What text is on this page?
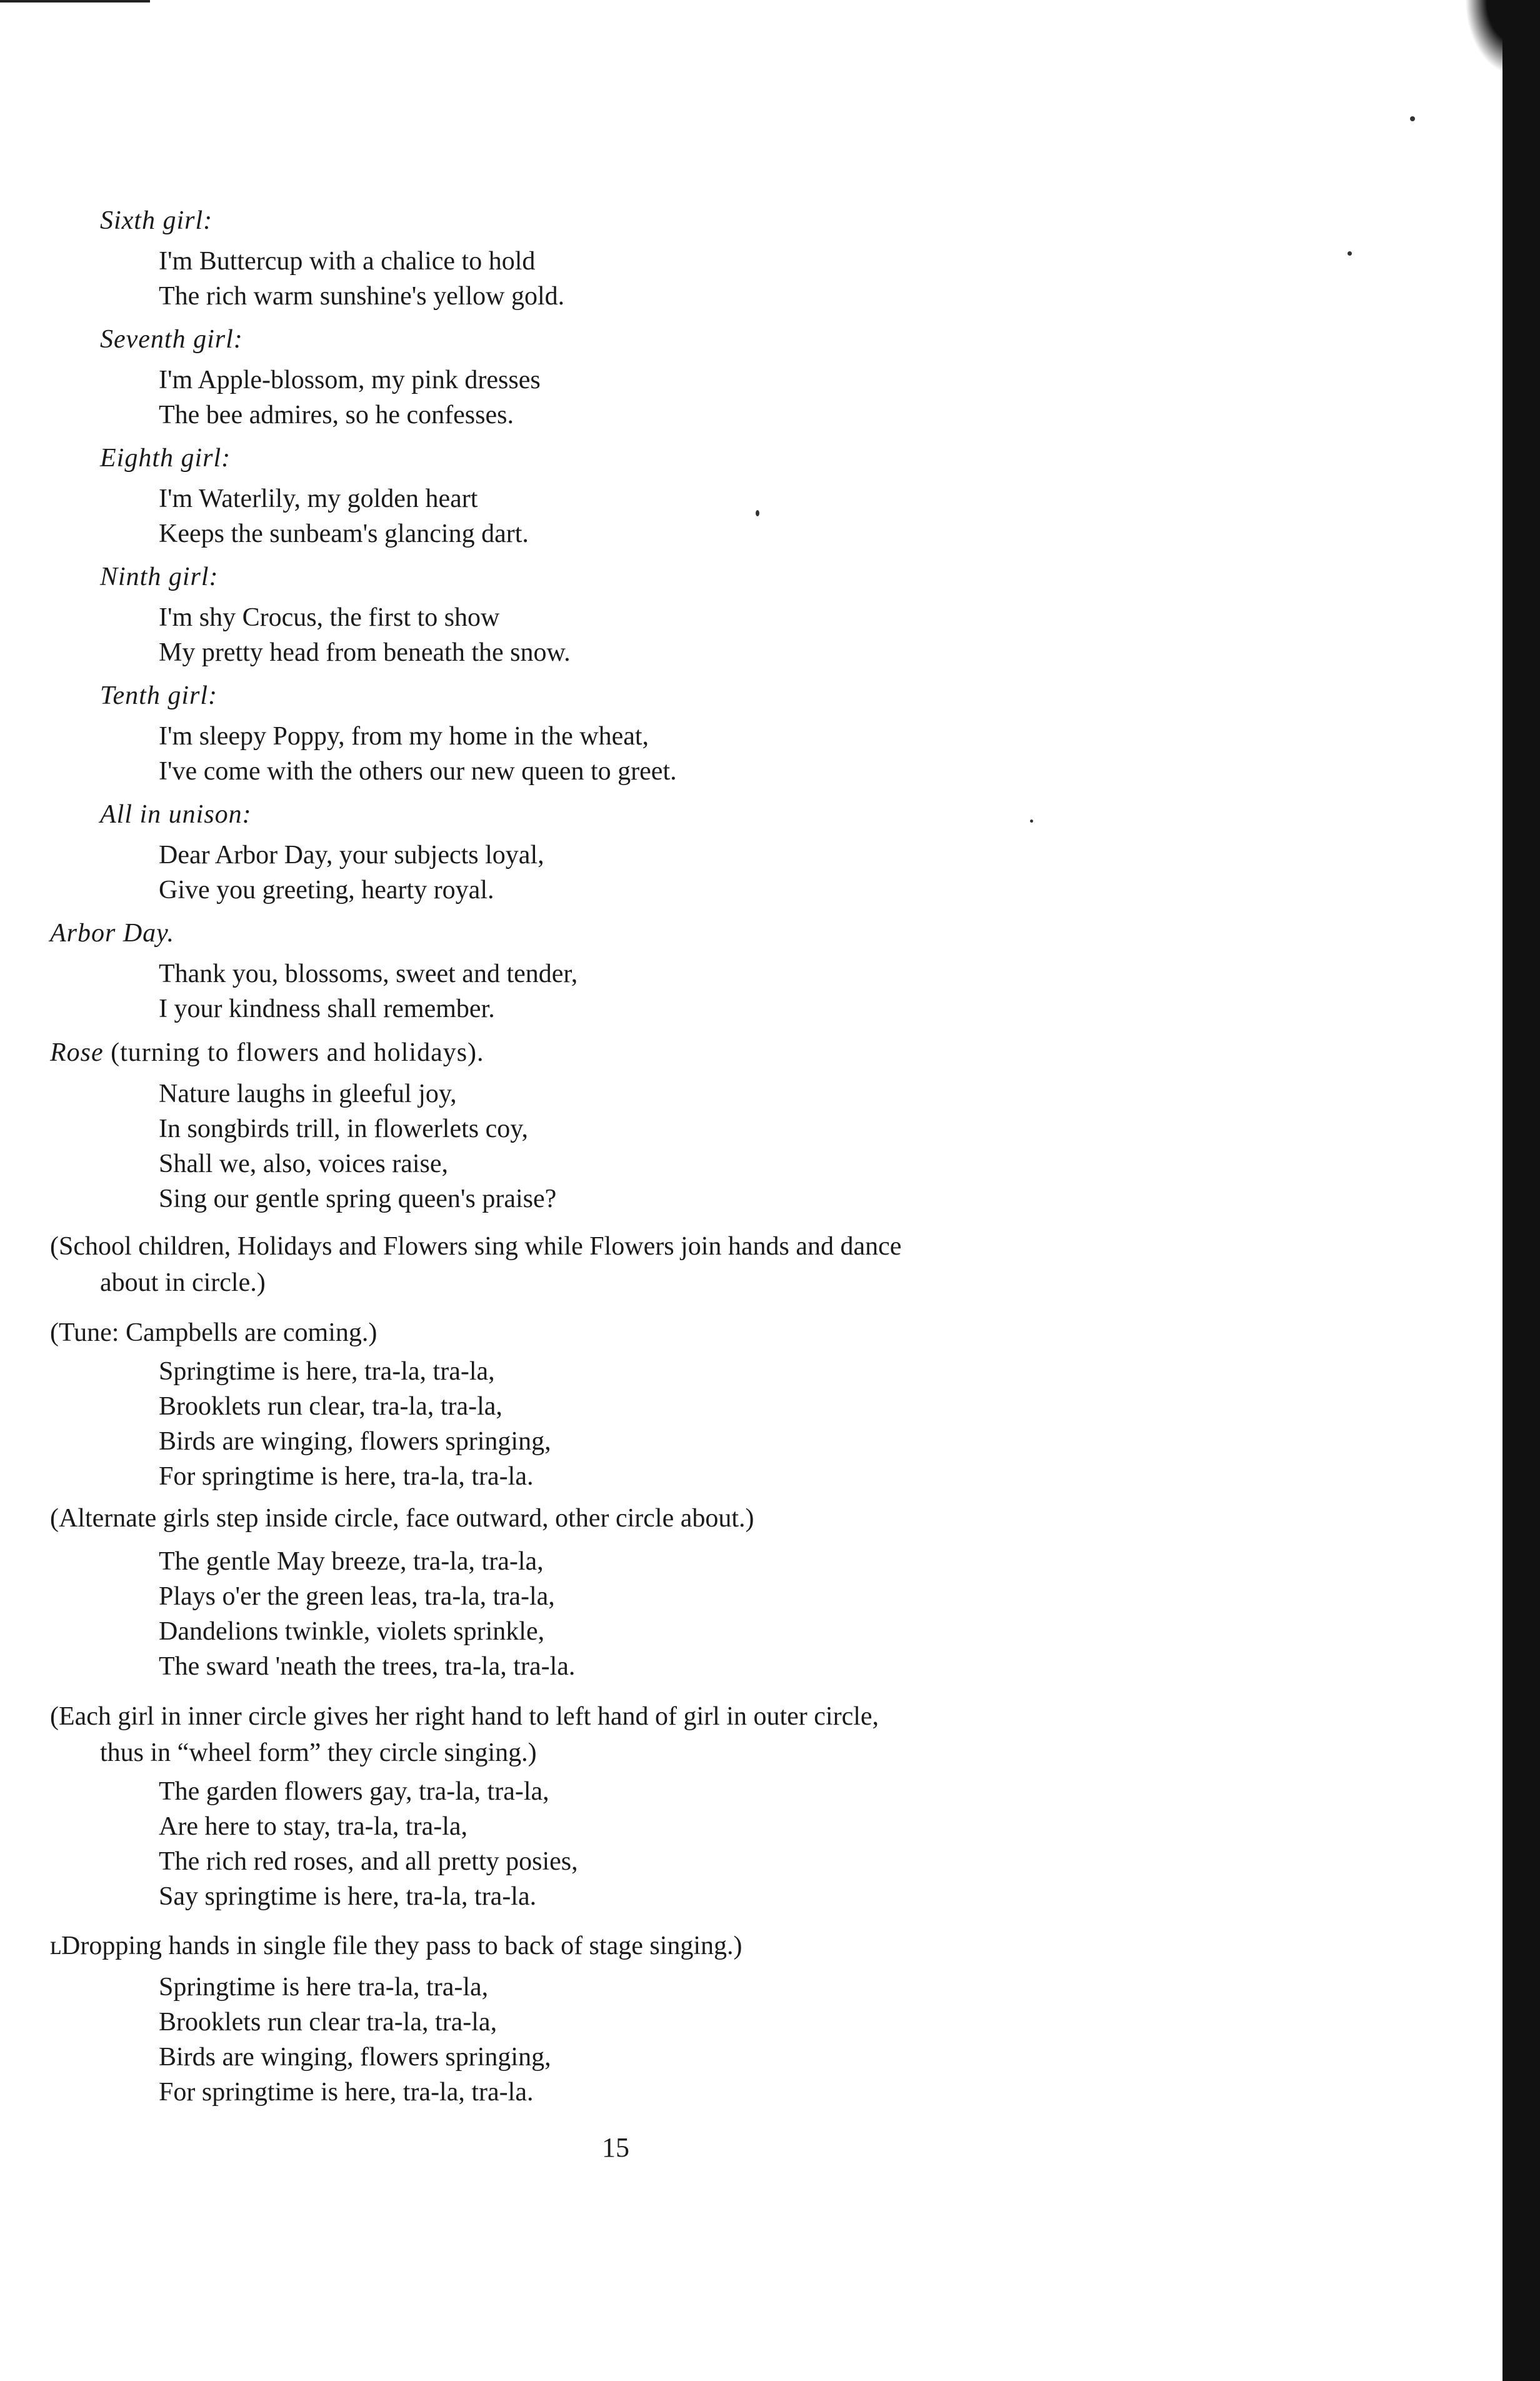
Sixth girl:
I'm Buttercup with a chalice to hold
The rich warm sunshine's yellow gold.
Seventh girl:
I'm Apple-blossom, my pink dresses
The bee admires, so he confesses.
Eighth girl:
I'm Waterlily, my golden heart
Keeps the sunbeam's glancing dart.
Ninth girl:
I'm shy Crocus, the first to show
My pretty head from beneath the snow.
Tenth girl:
I'm sleepy Poppy, from my home in the wheat,
I've come with the others our new queen to greet.
All in unison:
Dear Arbor Day, your subjects loyal,
Give you greeting, hearty royal.
Arbor Day.
Thank you, blossoms, sweet and tender,
I your kindness shall remember.
Rose (turning to flowers and holidays).
Nature laughs in gleeful joy,
In songbirds trill, in flowerlets coy,
Shall we, also, voices raise,
Sing our gentle spring queen's praise?
(School children, Holidays and Flowers sing while Flowers join hands and dance
about in circle.)
(Tune: Campbells are coming.)
Springtime is here, tra-la, tra-la,
Brooklets run clear, tra-la, tra-la,
Birds are winging, flowers springing,
For springtime is here, tra-la, tra-la.
(Alternate girls step inside circle, face outward, other circle about.)
The gentle May breeze, tra-la, tra-la,
Plays o'er the green leas, tra-la, tra-la,
Dandelions twinkle, violets sprinkle,
The sward 'neath the trees, tra-la, tra-la.
(Each girl in inner circle gives her right hand to left hand of girl in outer circle,
thus in “wheel form” they circle singing.)
The garden flowers gay, tra-la, tra-la,
Are here to stay, tra-la, tra-la,
The rich red roses, and all pretty posies,
Say springtime is here, tra-la, tra-la.
ʟDropping hands in single file they pass to back of stage singing.)
Springtime is here tra-la, tra-la,
Brooklets run clear tra-la, tra-la,
Birds are winging, flowers springing,
For springtime is here, tra-la, tra-la.
15
